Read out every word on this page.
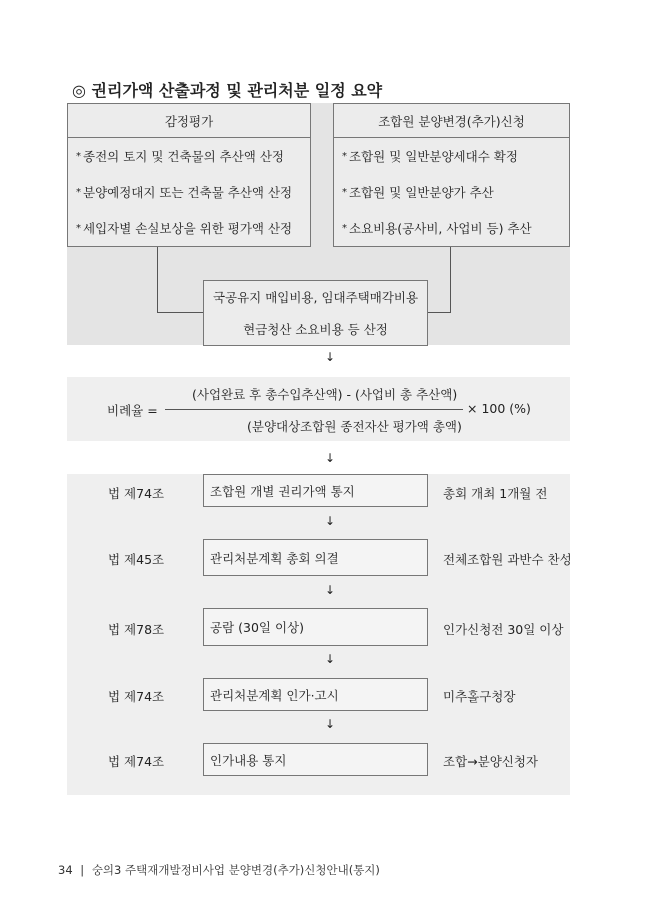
◎ 권리가액 산출과정 및 관리처분 일정 요약
감정평가
* 종전의 토지 및 건축물의 추산액 산정
* 분양예정대지 또는 건축물 추산액 산정
* 세입자별 손실보상을 위한 평가액 산정
조합원 분양변경(추가)신청
* 조합원 및 일반분양세대수 확정
* 조합원 및 일반분양가 추산
* 소요비용(공사비, 사업비 등) 추산
국공유지 매입비용, 임대주택매각비용
현금청산 소요비용 등 산정
↓
비례율 =
(사업완료 후 총수입추산액) - (사업비 총 추산액)
(분양대상조합원 종전자산 평가액 총액)
× 100 (%)
↓
법 제74조	조합원 개별 권리가액 통지	총회 개최 1개월 전
↓
법 제45조	관리처분계획 총회 의결	전체조합원 과반수 찬성
↓
법 제78조	공람 (30일 이상)	인가신청전 30일 이상
↓
법 제74조	관리처분계획 인가·고시	미추홀구청장
↓
법 제74조	인가내용 통지	조합→분양신청자
34 | 숭의3 주택재개발정비사업 분양변경(추가)신청안내(통지)
